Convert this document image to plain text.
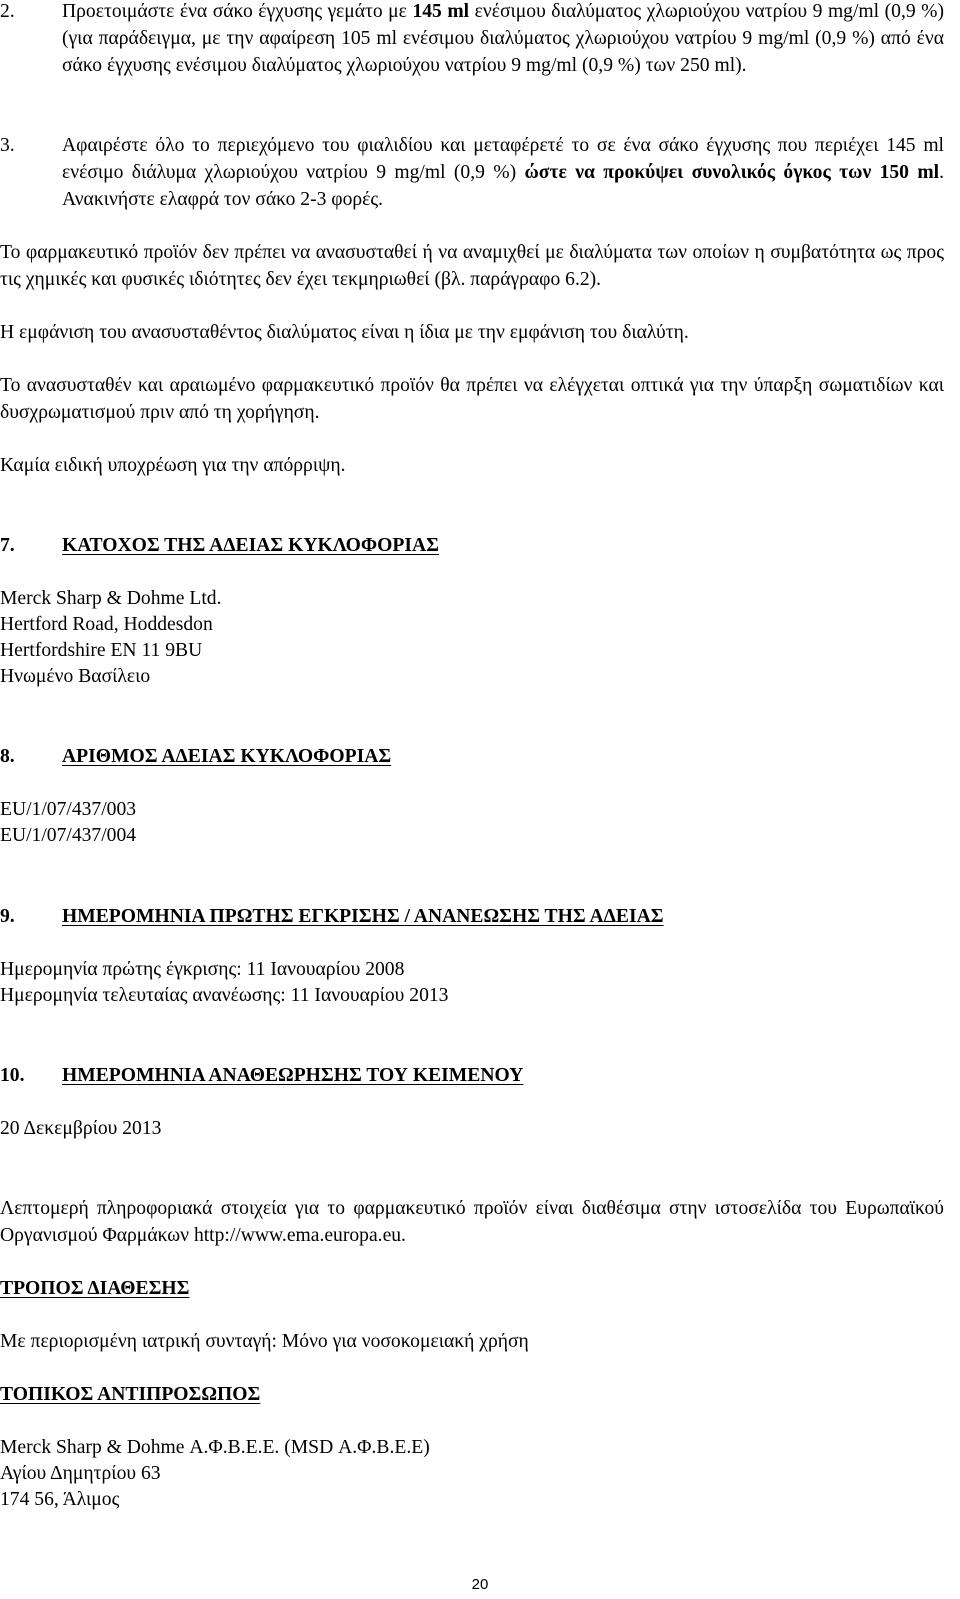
2. Προετοιμάστε ένα σάκο έγχυσης γεμάτο με 145 ml ενέσιμου διαλύματος χλωριούχου νατρίου 9 mg/ml (0,9 %) (για παράδειγμα, με την αφαίρεση 105 ml ενέσιμου διαλύματος χλωριούχου νατρίου 9 mg/ml (0,9 %) από ένα σάκο έγχυσης ενέσιμου διαλύματος χλωριούχου νατρίου 9 mg/ml (0,9 %) των 250 ml).
3. Αφαιρέστε όλο το περιεχόμενο του φιαλιδίου και μεταφέρετέ το σε ένα σάκο έγχυσης που περιέχει 145 ml ενέσιμο διάλυμα χλωριούχου νατρίου 9 mg/ml (0,9 %) ώστε να προκύψει συνολικός όγκος των 150 ml. Ανακινήστε ελαφρά τον σάκο 2-3 φορές.
Το φαρμακευτικό προϊόν δεν πρέπει να ανασυσταθεί ή να αναμιχθεί με διαλύματα των οποίων η συμβατότητα ως προς τις χημικές και φυσικές ιδιότητες δεν έχει τεκμηριωθεί (βλ. παράγραφο 6.2).
Η εμφάνιση του ανασυσταθέντος διαλύματος είναι η ίδια με την εμφάνιση του διαλύτη.
Το ανασυσταθέν και αραιωμένο φαρμακευτικό προϊόν θα πρέπει να ελέγχεται οπτικά για την ύπαρξη σωματιδίων και δυσχρωματισμού πριν από τη χορήγηση.
Καμία ειδική υποχρέωση για την απόρριψη.
7. ΚΑΤΟΧΟΣ ΤΗΣ ΑΔΕΙΑΣ ΚΥΚΛΟΦΟΡΙΑΣ
Merck Sharp & Dohme Ltd.
Hertford Road, Hoddesdon
Hertfordshire EN 11 9BU
Ηνωμένο Βασίλειο
8. ΑΡΙΘΜΟΣ ΑΔΕΙΑΣ ΚΥΚΛΟΦΟΡΙΑΣ
EU/1/07/437/003
EU/1/07/437/004
9. ΗΜΕΡΟΜΗΝΙΑ ΠΡΩΤΗΣ ΕΓΚΡΙΣΗΣ / ΑΝΑΝΕΩΣΗΣ ΤΗΣ ΑΔΕΙΑΣ
Ημερομηνία πρώτης έγκρισης: 11 Ιανουαρίου 2008
Ημερομηνία τελευταίας ανανέωσης: 11 Ιανουαρίου 2013
10. ΗΜΕΡΟΜΗΝΙΑ ΑΝΑΘΕΩΡΗΣΗΣ ΤΟΥ ΚΕΙΜΕΝΟΥ
20 Δεκεμβρίου 2013
Λεπτομερή πληροφοριακά στοιχεία για το φαρμακευτικό προϊόν είναι διαθέσιμα στην ιστοσελίδα του Ευρωπαϊκού Οργανισμού Φαρμάκων http://www.ema.europa.eu.
ΤΡΟΠΟΣ ΔΙΑΘΕΣΗΣ
Με περιορισμένη ιατρική συνταγή: Μόνο για νοσοκομειακή χρήση
ΤΟΠΙΚΟΣ ΑΝΤΙΠΡΟΣΩΠΟΣ
Merck Sharp & Dohme Α.Φ.Β.Ε.Ε. (MSD Α.Φ.Β.Ε.Ε)
Αγίου Δημητρίου 63
174 56, Άλιμος
20
